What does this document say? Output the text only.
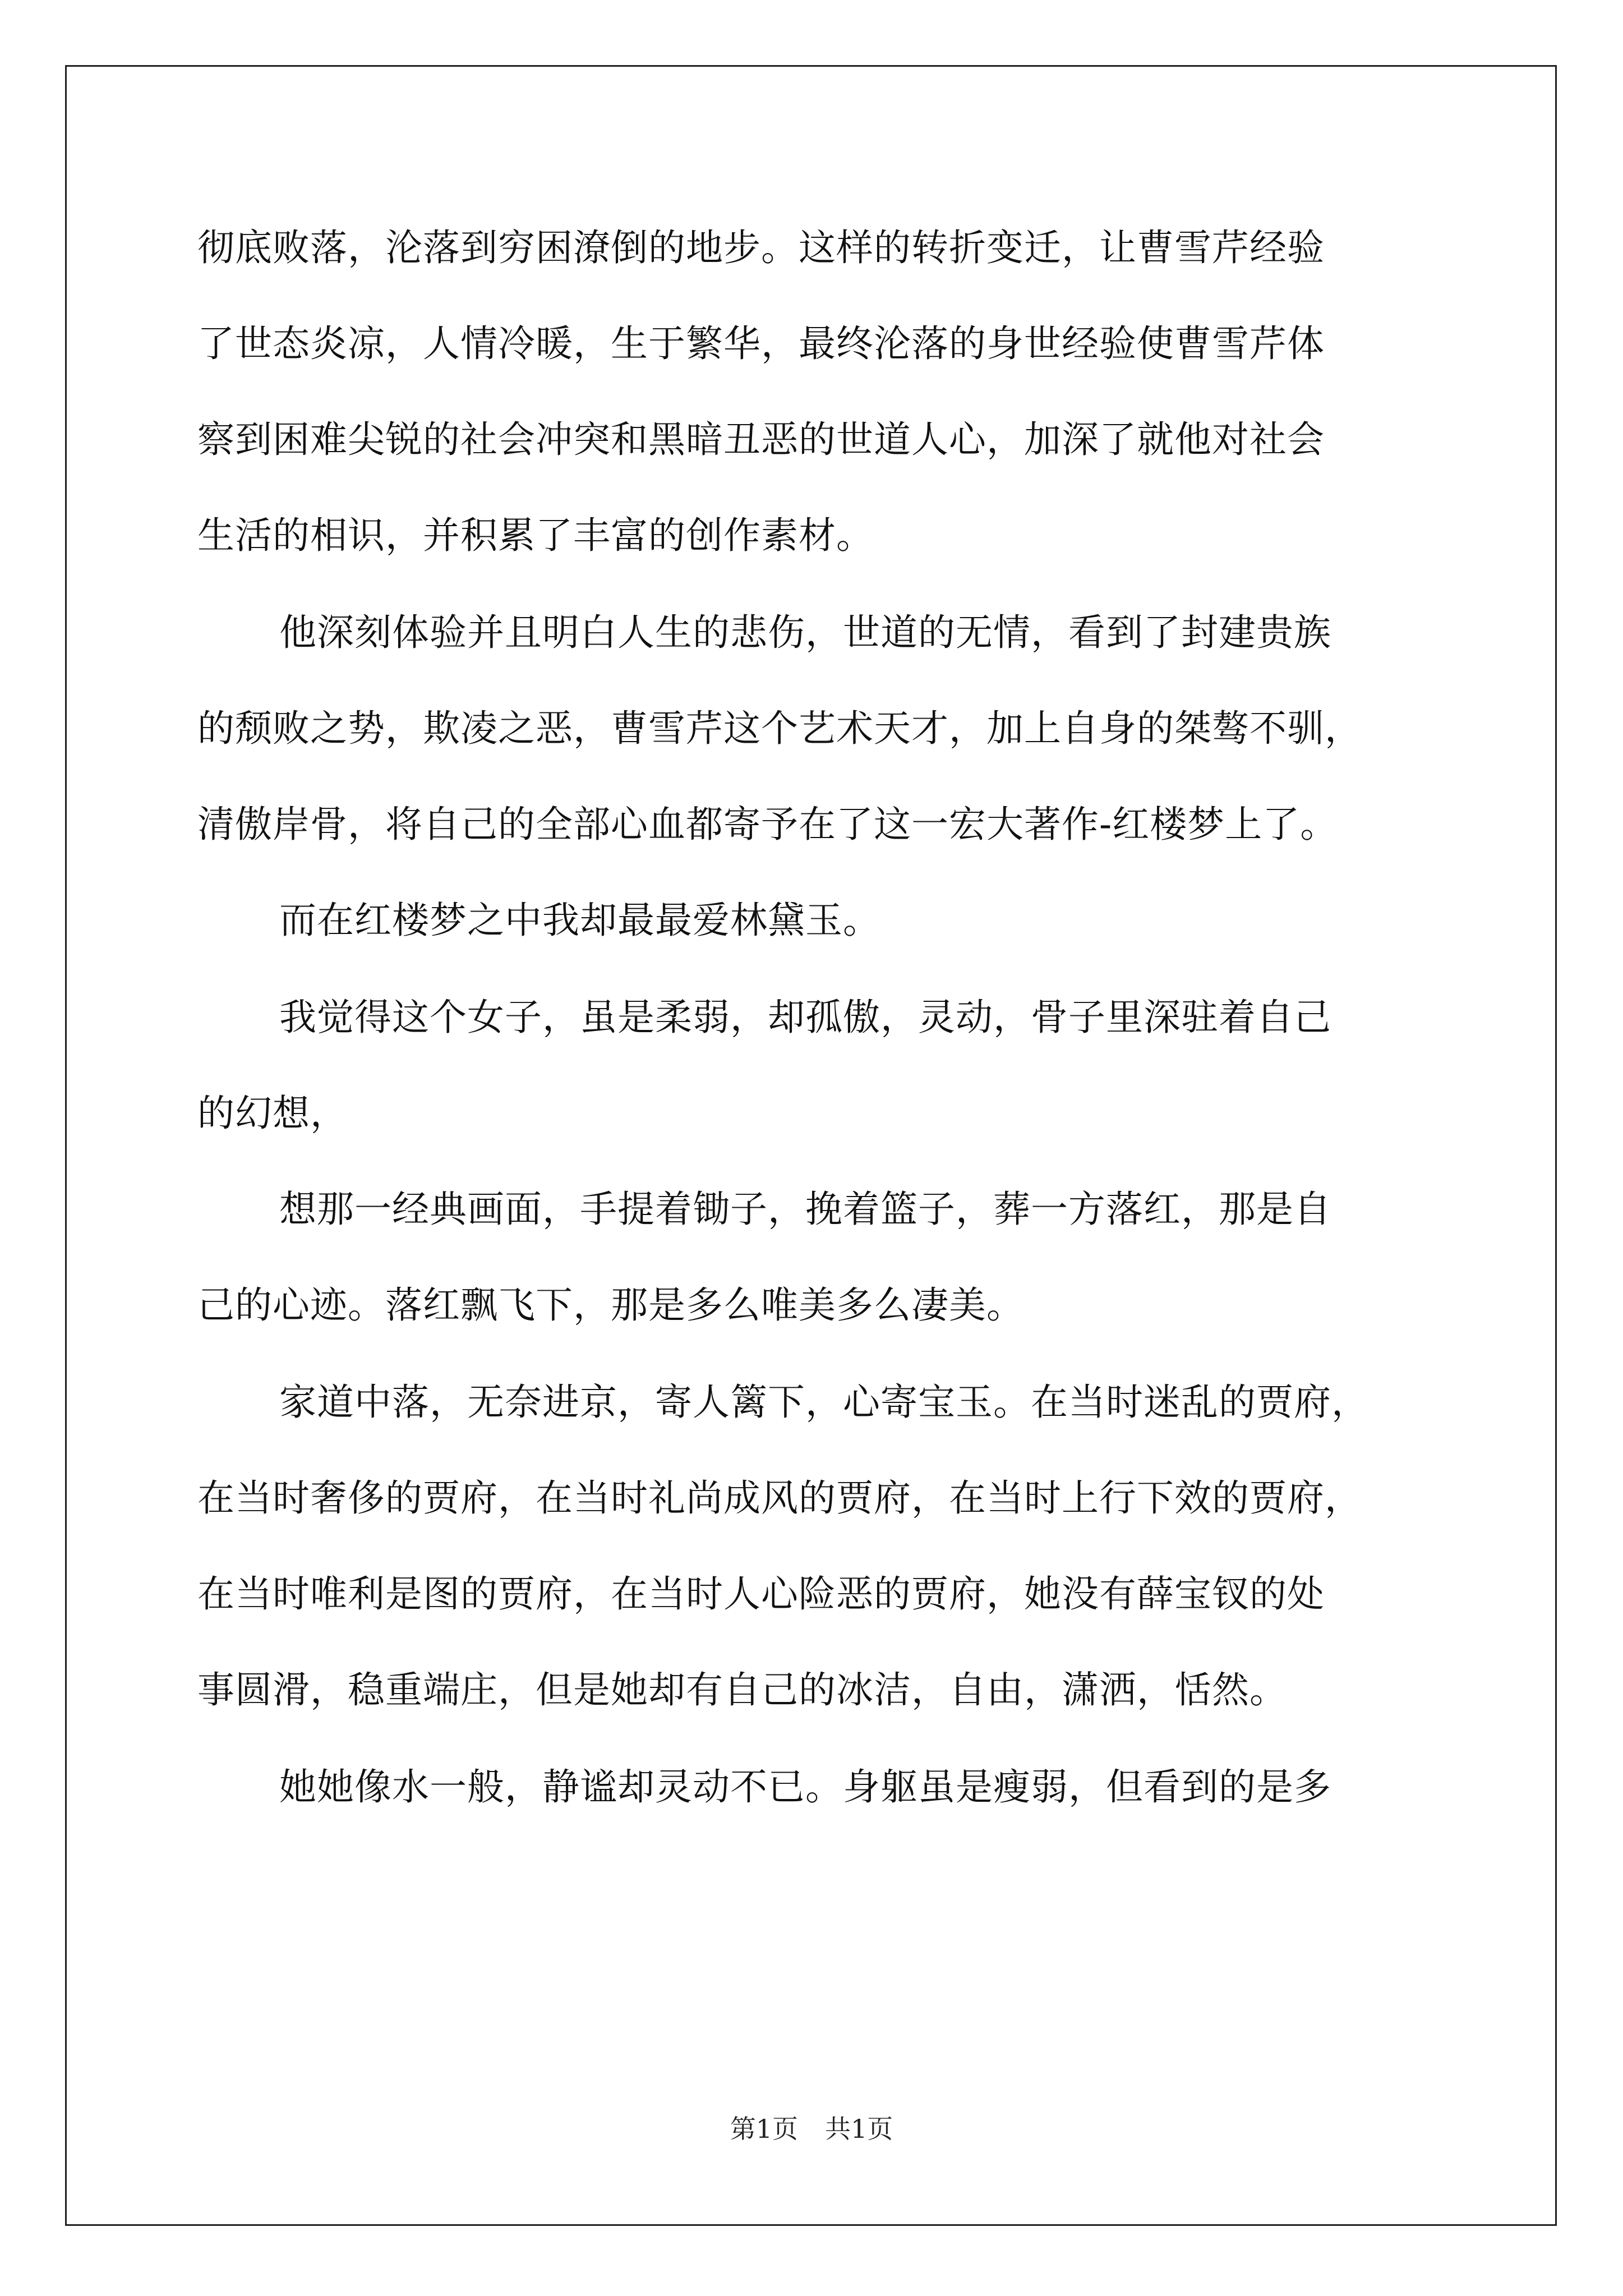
彻底败落，沦落到穷困潦倒的地步。这样的转折变迁，让曹雪芹经验
了世态炎凉，人情冷暖，生于繁华，最终沦落的身世经验使曹雪芹体
察到困难尖锐的社会冲突和黑暗丑恶的世道人心，加深了就他对社会
生活的相识，并积累了丰富的创作素材。
他深刻体验并且明白人生的悲伤，世道的无情，看到了封建贵族
的颓败之势，欺凌之恶，曹雪芹这个艺术天才，加上自身的桀骜不驯，
清傲岸骨，将自己的全部心血都寄予在了这一宏大著作-红楼梦上了。
而在红楼梦之中我却最最爱林黛玉。
我觉得这个女子，虽是柔弱，却孤傲，灵动，骨子里深驻着自己
的幻想，
想那一经典画面，手提着锄子，挽着篮子，葬一方落红，那是自
己的心迹。落红飘飞下，那是多么唯美多么凄美。
家道中落，无奈进京，寄人篱下，心寄宝玉。在当时迷乱的贾府，
在当时奢侈的贾府，在当时礼尚成风的贾府，在当时上行下效的贾府，
在当时唯利是图的贾府，在当时人心险恶的贾府，她没有薛宝钗的处
事圆滑，稳重端庄，但是她却有自己的冰洁，自由，潇洒，恬然。
她她像水一般，静谧却灵动不已。身躯虽是瘦弱，但看到的是多
第1页 共1页
